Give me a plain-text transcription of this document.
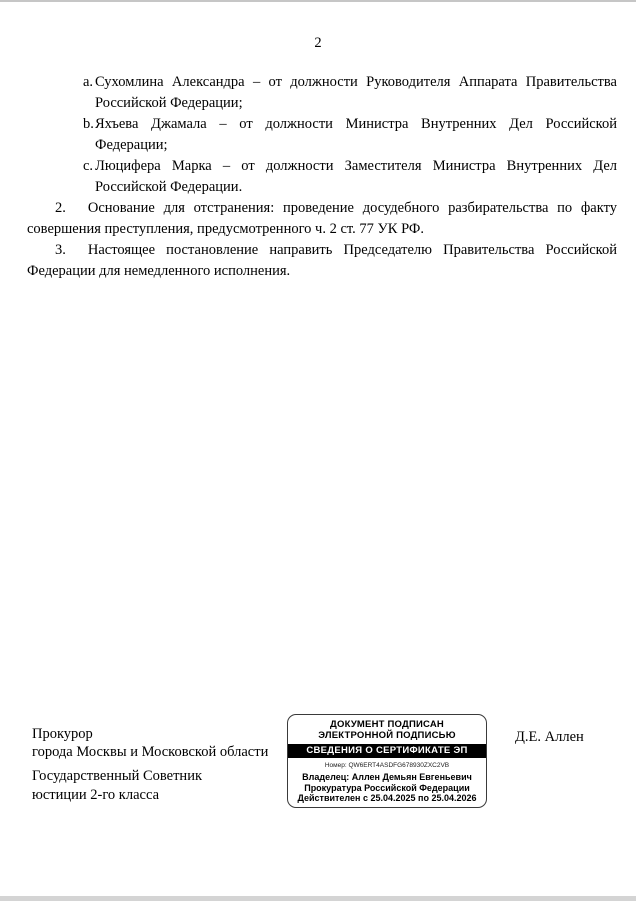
2
a. Сухомлина Александра – от должности Руководителя Аппарата Правительства Российской Федерации;
b. Яхъева Джамала – от должности Министра Внутренних Дел Российской Федерации;
c. Люцифера Марка – от должности Заместителя Министра Внутренних Дел Российской Федерации.

2. Основание для отстранения: проведение досудебного разбирательства по факту совершения преступления, предусмотренного ч. 2 ст. 77 УК РФ.

3. Настоящее постановление направить Председателю Правительства Российской Федерации для немедленного исполнения.

Прокурор
города Москвы и Московской области
Государственный Советник
юстиции 2-го класса
ДОКУМЕНТ ПОДПИСАН
ЭЛЕКТРОННОЙ ПОДПИСЬЮ
СВЕДЕНИЯ О СЕРТИФИКАТЕ ЭП
Номер: QW6ERT4ASDFG678930ZXC2VB
Владелец: Аллен Демьян Евгеньевич
Прокуратура Российской Федерации
Действителен с 25.04.2025 по 25.04.2026
Д.Е. Аллен
